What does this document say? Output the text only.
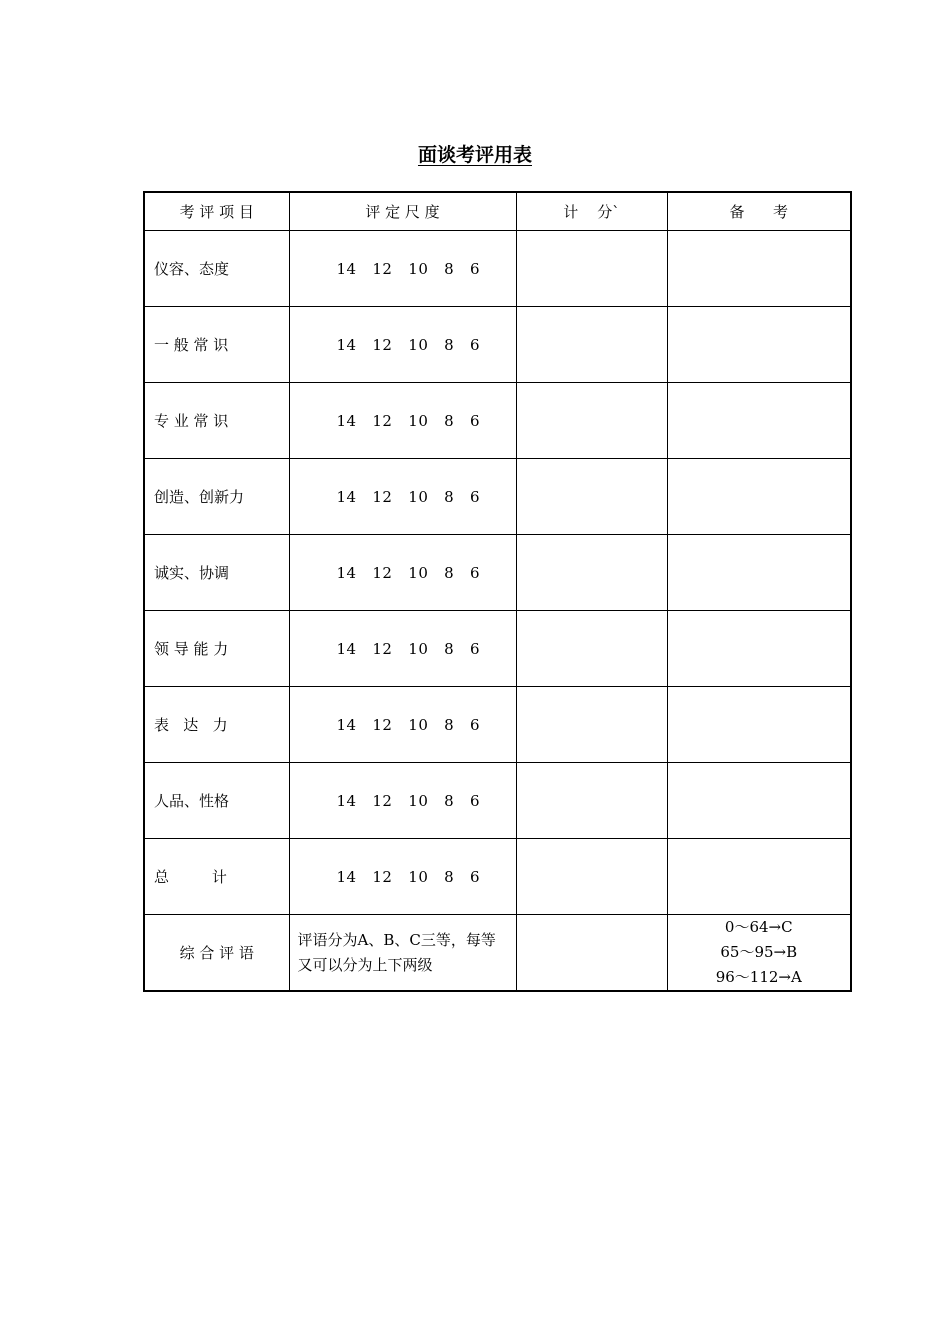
面谈考评用表
考 评 项 目	评 定 尺 度	计    分`	备      考
仪容、态度	14   12   10   8   6		

一 般 常 识	14   12   10   8   6		

专 业 常 识	14   12   10   8   6		

创造、创新力	14   12   10   8   6		

诚实、协调	14   12   10   8   6		

领 导 能 力	14   12   10   8   6		

表   达   力	14   12   10   8   6		

人品、性格	14   12   10   8   6		

总         计	14   12   10   8   6		

综 合 评 语	评语分为A、B、C三等，每等又可以分为上下两级		0～64→C
65～95→B
96～112→A
